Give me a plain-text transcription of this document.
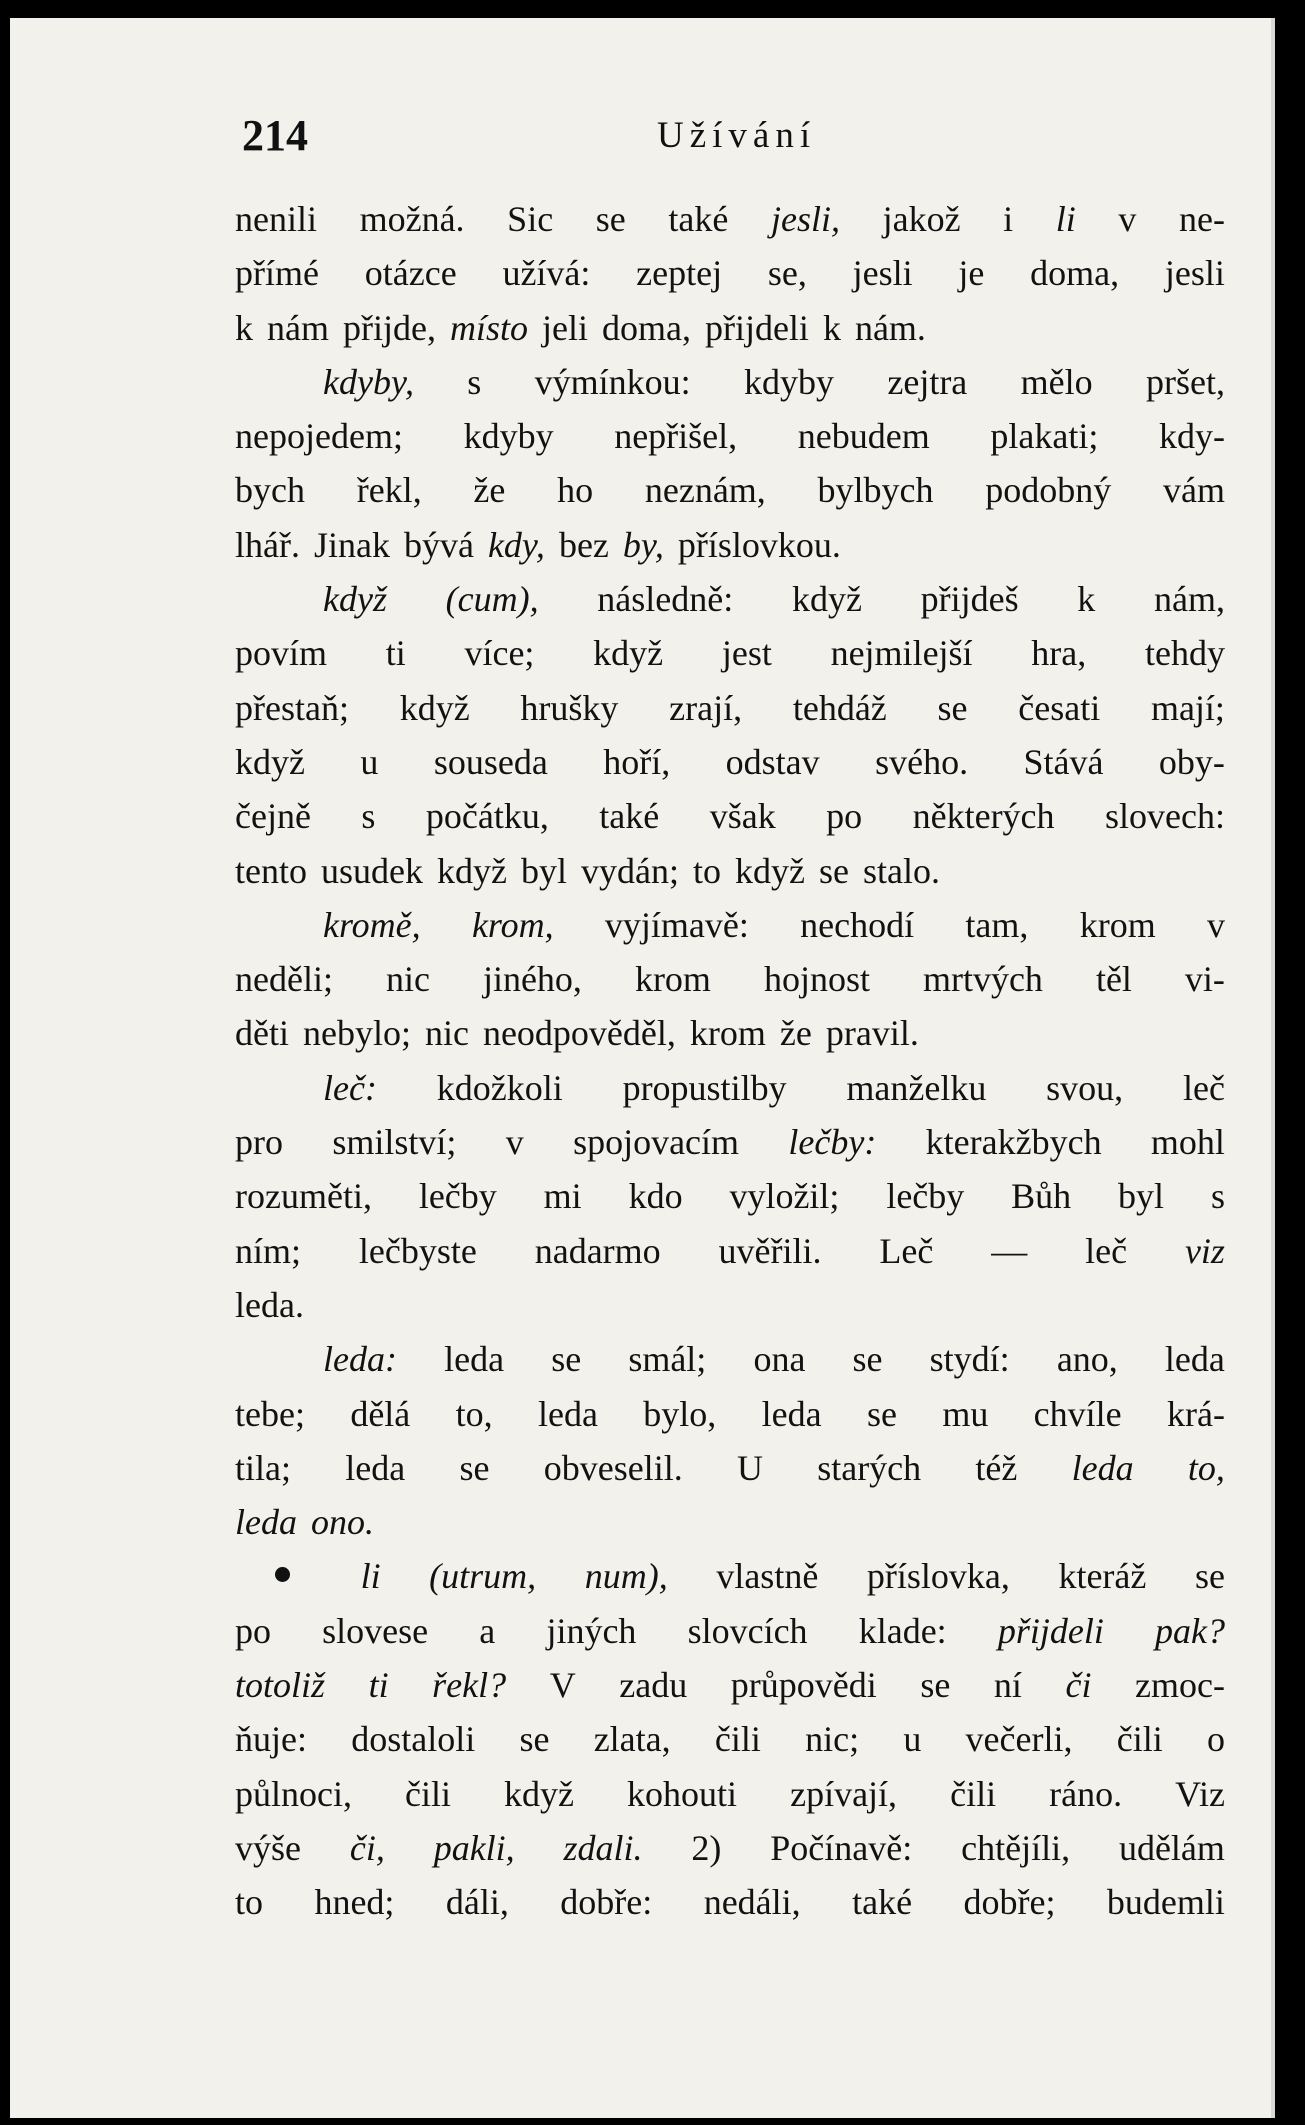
214	Užívání
nenili možná. Sic se také jesli, jakož i li v ne-
přímé otázce užívá: zeptej se, jesli je doma, jesli
k nám přijde, místo jeli doma, přijdeli k nám.
kdyby, s výmínkou: kdyby zejtra mělo pršet,
nepojedem; kdyby nepřišel, nebudem plakati; kdy-
bych řekl, že ho neznám, bylbych podobný vám
lhář. Jinak bývá kdy, bez by, příslovkou.
když (cum), následně: když přijdeš k nám,
povím ti více; když jest nejmilejší hra, tehdy
přestaň; když hrušky zrají, tehdáž se česati mají;
když u souseda hoří, odstav svého. Stává oby-
čejně s počátku, také však po některých slovech:
tento usudek když byl vydán; to když se stalo.
kromě, krom, vyjímavě: nechodí tam, krom v
neděli; nic jiného, krom hojnost mrtvých těl vi-
děti nebylo; nic neodpověděl, krom že pravil.
leč: kdožkoli propustilby manželku svou, leč
pro smilství; v spojovacím lečby: kterakžbych mohl
rozuměti, lečby mi kdo vyložil; lečby Bůh byl s
ním; lečbyste nadarmo uvěřili. Leč — leč viz
leda.
leda: leda se smál; ona se stydí: ano, leda
tebe; dělá to, leda bylo, leda se mu chvíle krá-
tila; leda se obveselil. U starých též leda to,
leda ono.
li (utrum, num), vlastně příslovka, kteráž se
po slovese a jiných slovcích klade: přijdeli pak?
totoliž ti řekl? V zadu průpovědi se ní či zmoc-
ňuje: dostaloli se zlata, čili nic; u večerli, čili o
půlnoci, čili když kohouti zpívají, čili ráno. Viz
výše či, pakli, zdali. 2) Počínavě: chtějíli, udělám
to hned; dáli, dobře: nedáli, také dobře; budemli
